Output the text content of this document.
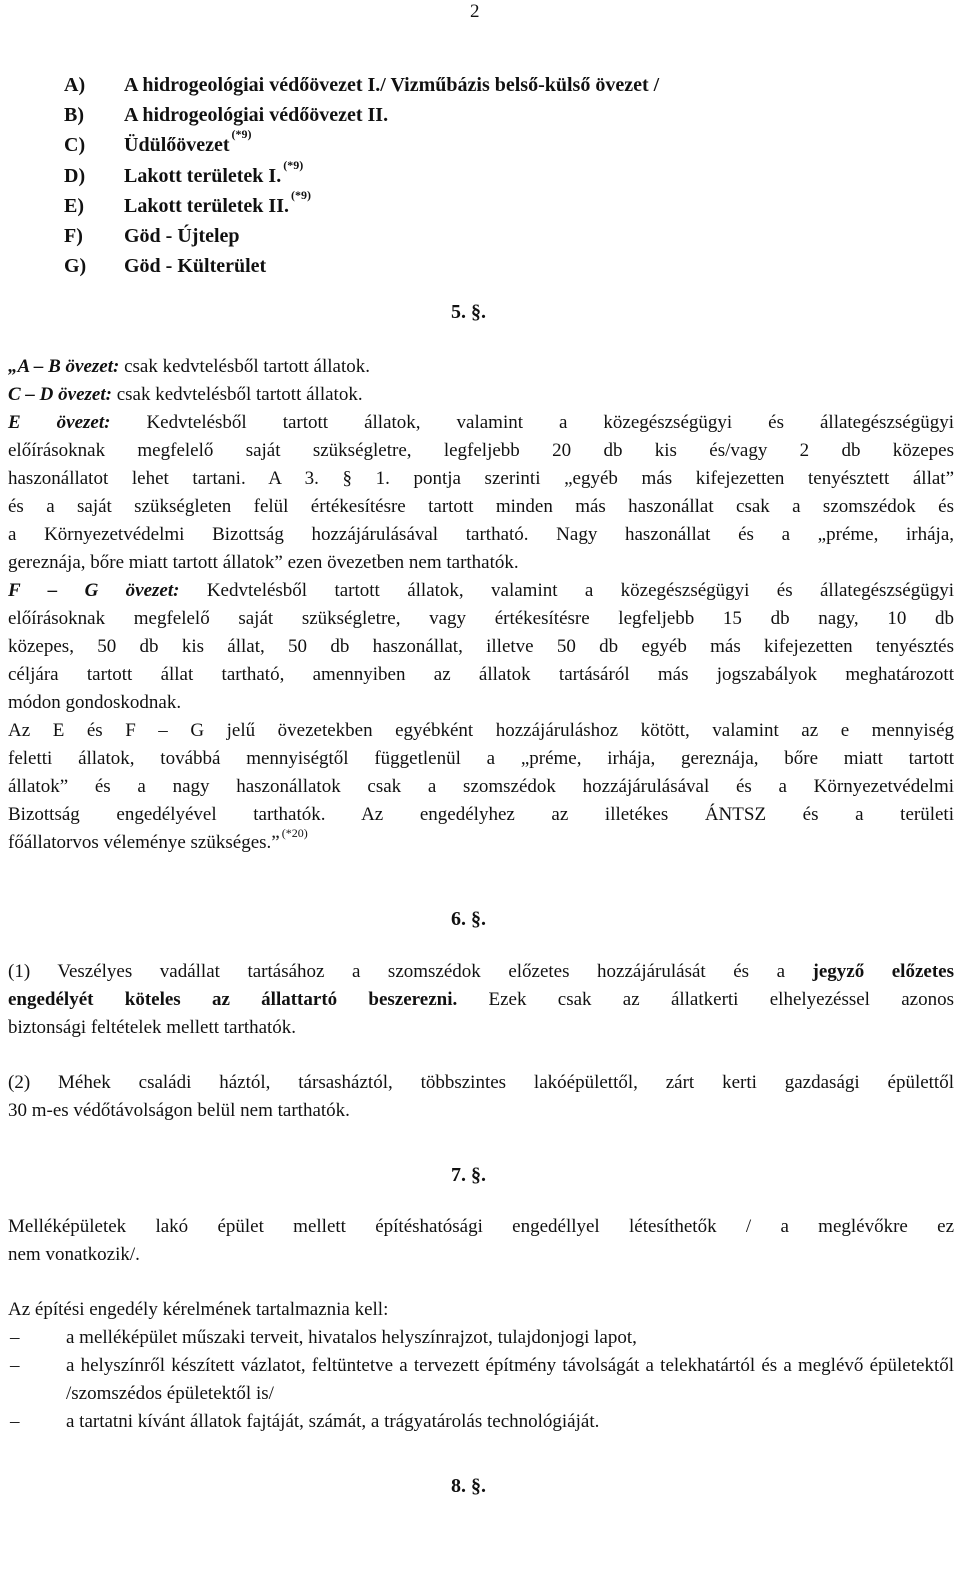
2
A)	A hidrogeológiai védőövezet I./ Vizműbázis belső-külső övezet /
B)	A hidrogeológiai védőövezet II.
C)	Üdülőövezet$^{(*9)}$
D)	Lakott területek I.$^{(*9)}$
E)	Lakott területek II.$^{(*9)}$
F)	Göd - Újtelep
G)	Göd - Külterület
5. §.
„A – B övezet: csak kedvtelésből tartott állatok.
C – D övezet: csak kedvtelésből tartott állatok.
E övezet: Kedvtelésből tartott állatok, valamint a közegészségügyi és állategészségügyi
előírásoknak megfelelő saját szükségletre, legfeljebb 20 db kis és/vagy 2 db közepes
haszonállatot lehet tartani. A 3. § 1. pontja szerinti „egyéb más kifejezetten tenyésztett állat”
és a saját szükségleten felül értékesítésre tartott minden más haszonállat csak a szomszédok és
a Környezetvédelmi Bizottság hozzájárulásával tartható. Nagy haszonállat és a „préme, irhája,
gereznája, bőre miatt tartott állatok” ezen övezetben nem tarthatók.
F – G övezet: Kedvtelésből tartott állatok, valamint a közegészségügyi és állategészségügyi
előírásoknak megfelelő saját szükségletre, vagy értékesítésre legfeljebb 15 db nagy, 10 db
közepes, 50 db kis állat, 50 db haszonállat, illetve 50 db egyéb más kifejezetten tenyésztés
céljára tartott állat tartható, amennyiben az állatok tartásáról más jogszabályok meghatározott
módon gondoskodnak.
Az E és F – G jelű övezetekben egyébként hozzájáruláshoz kötött, valamint az e mennyiség
feletti állatok, továbbá mennyiségtől függetlenül a „préme, irhája, gereznája, bőre miatt tartott
állatok” és a nagy haszonállatok csak a szomszédok hozzájárulásával és a Környezetvédelmi
Bizottság engedélyével tarthatók. Az engedélyhez az illetékes ÁNTSZ és a területi
főállatorvos véleménye szükséges.” $^{(*20)}$
6. §.
(1) Veszélyes vadállat tartásához a szomszédok előzetes hozzájárulását és a jegyző előzetes
engedélyét köteles az állattartó beszerezni. Ezek csak az állatkerti elhelyezéssel azonos
biztonsági feltételek mellett tarthatók.
(2) Méhek családi háztól, társasháztól, többszintes lakóépülettől, zárt kerti gazdasági épülettől
30 m-es védőtávolságon belül nem tarthatók.
7. §.
Melléképületek lakó épület mellett építéshatósági engedéllyel létesíthetők / a meglévőkre ez
nem vonatkozik/.
Az építési engedély kérelmének tartalmaznia kell:
–	a melléképület műszaki terveit, hivatalos helyszínrajzot, tulajdonjogi lapot,
–	a helyszínről készített vázlatot, feltüntetve a tervezett építmény távolságát a telekhatártól és a meglévő épületektől /szomszédos épületektől is/
–	a tartatni kívánt állatok fajtáját, számát, a trágyatárolás technológiáját.
8. §.
